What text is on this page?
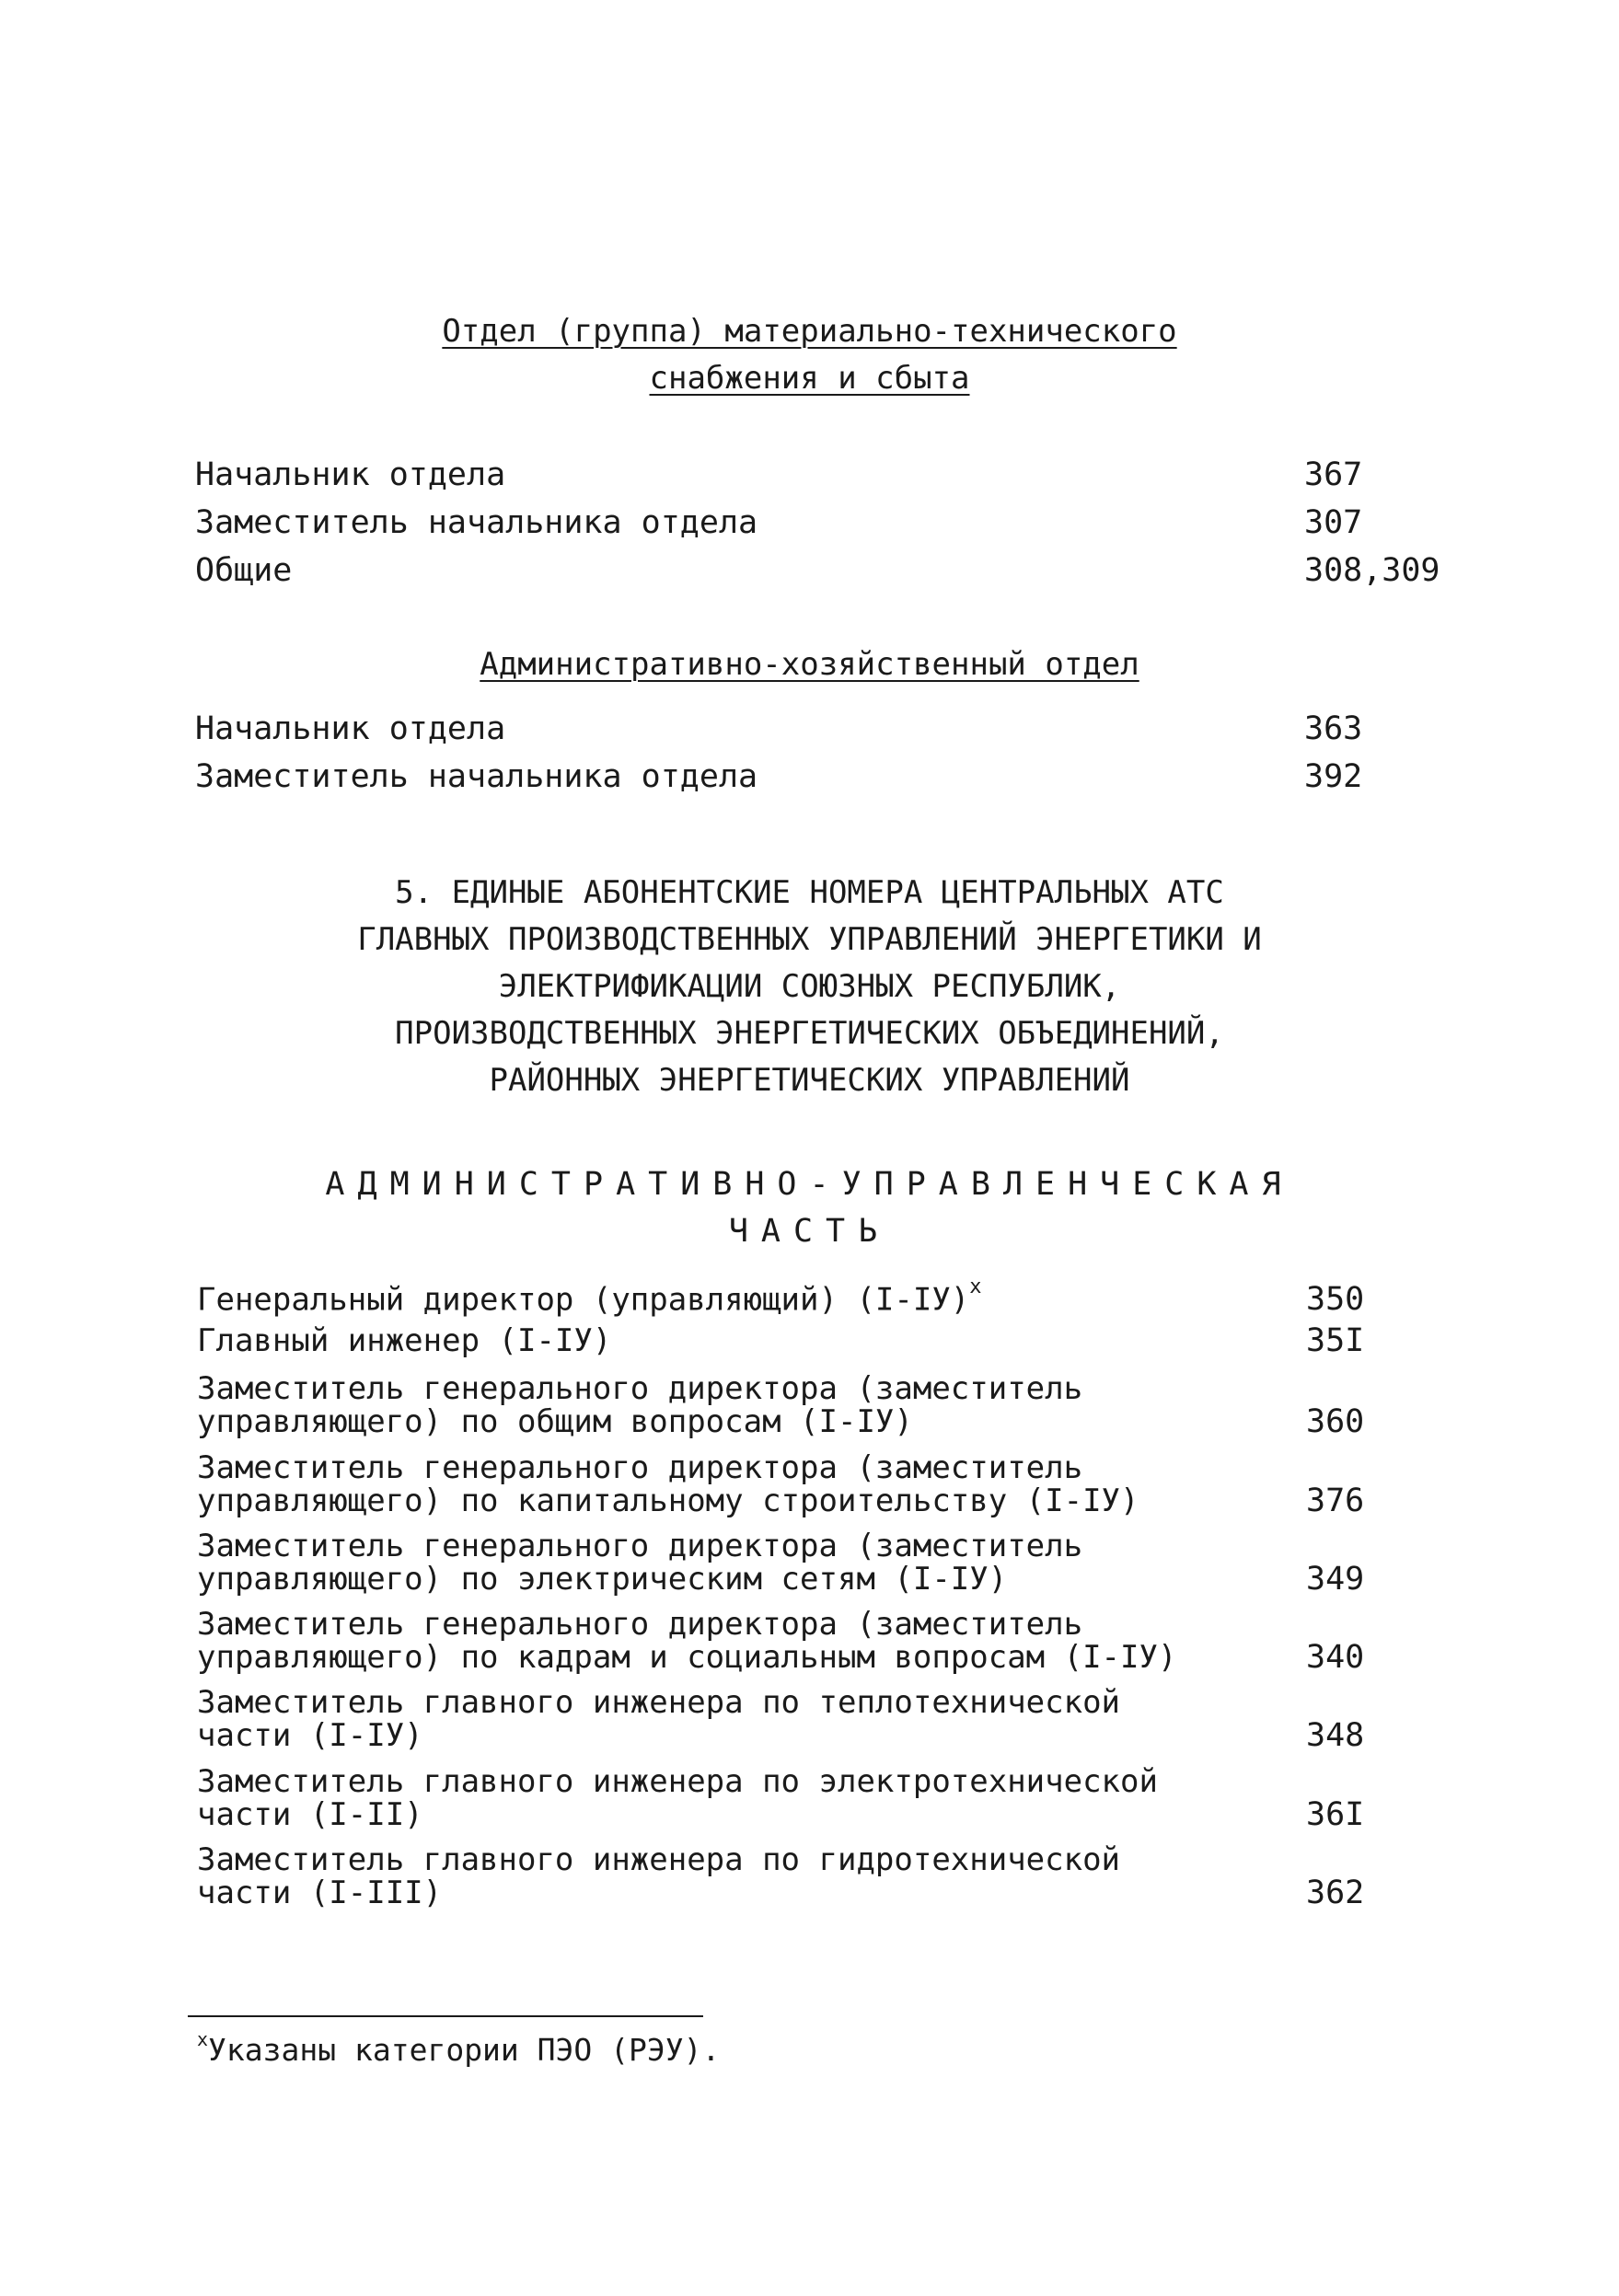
Отдел (группа) материально-технического
снабжения и сбыта
Начальник отдела	367
Заместитель начальника отдела	307
Общие	308,309
Административно-хозяйственный отдел
Начальник отдела	363
Заместитель начальника отдела	392
5. ЕДИНЫЕ АБОНЕНТСКИЕ НОМЕРА ЦЕНТРАЛЬНЫХ АТС
ГЛАВНЫХ ПРОИЗВОДСТВЕННЫХ УПРАВЛЕНИЙ ЭНЕРГЕТИКИ И
ЭЛЕКТРИФИКАЦИИ СОЮЗНЫХ РЕСПУБЛИК,
ПРОИЗВОДСТВЕННЫХ ЭНЕРГЕТИЧЕСКИХ ОБЪЕДИНЕНИЙ,
РАЙОННЫХ ЭНЕРГЕТИЧЕСКИХ УПРАВЛЕНИЙ
АДМИНИСТРАТИВНО-УПРАВЛЕНЧЕСКАЯ
ЧАСТЬ
Генеральный директор (управляющий) $(I-IУ)^x$	350
Главный инженер (I-IУ)	35I
Заместитель генерального директора (заместитель
управляющего) по общим вопросам (I-IУ)	360
Заместитель генерального директора (заместитель
управляющего) по капитальному строительству (I-IУ)	376
Заместитель генерального директора (заместитель
управляющего) по электрическим сетям (I-IУ)	349
Заместитель генерального директора (заместитель
управляющего) по кадрам и социальным вопросам (I-IУ)	340
Заместитель главного инженера по теплотехнической
части (I-IУ)	348
Заместитель главного инженера по электротехнической
части (I-II)	36I
Заместитель главного инженера по гидротехнической
части (I-III)	362
$^x$Указаны категории ПЭО (РЭУ).
